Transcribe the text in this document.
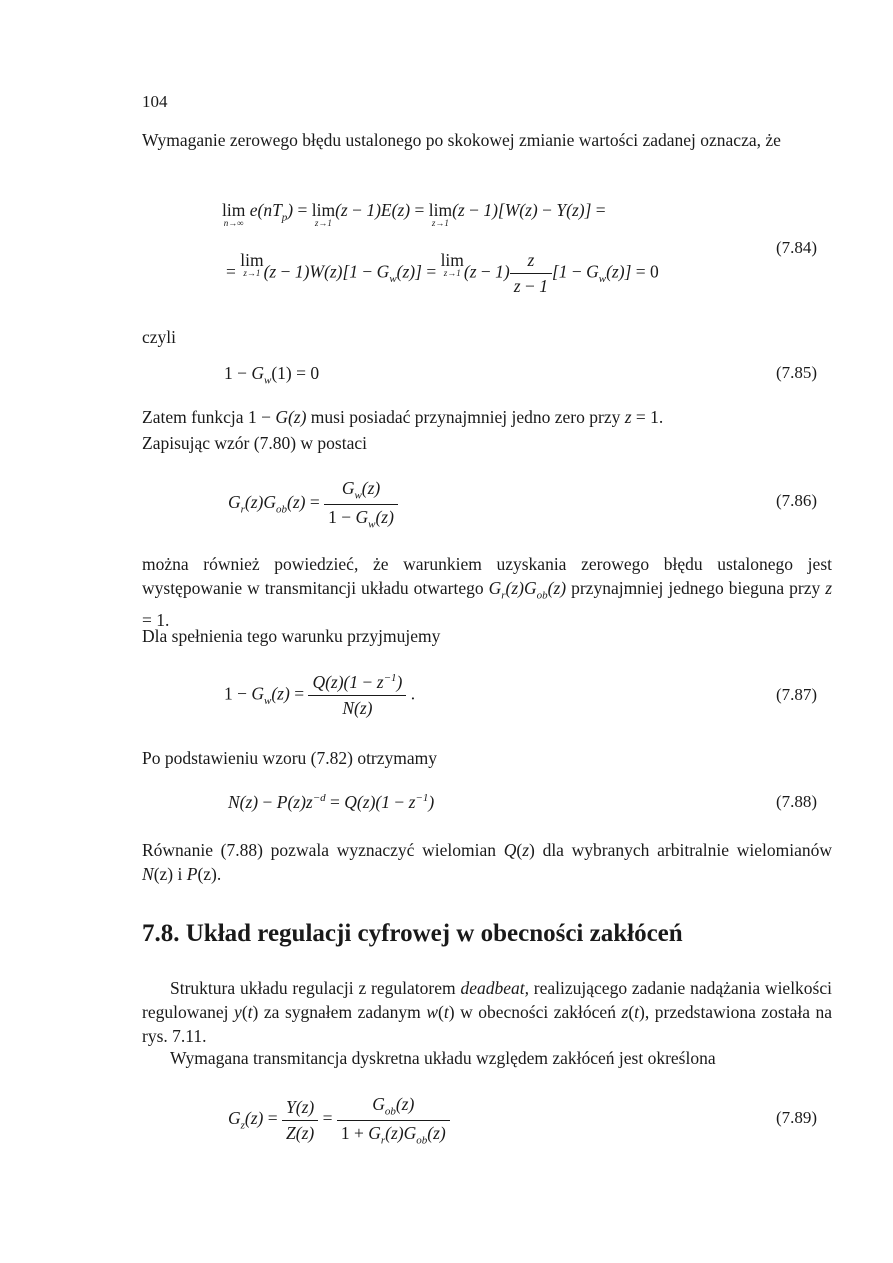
104
Wymaganie zerowego błędu ustalonego po skokowej zmianie wartości zadanej oznacza, że
lim
n→∞
$e(nT_p) = \lim$
z→1
(z − 1)E(z) = lim
z→1
(z − 1)[W(z) − Y(z)] =
= lim
z→1 $(z - 1)W(z)[1 - G_w(z)] = \lim$
z→1 $(z - 1) \frac{z}{z - 1} [1 - G_w(z)] = 0$
(7.84)
czyli
$1 - G_w(1) = 0$	(7.85)
Zatem funkcja 1 − G(z) musi posiadać przynajmniej jedno zero przy z = 1.
Zapisując wzór (7.80) w postaci
$G_r(z)G_{ob}(z) = \frac{G_w(z)}{1 - G_w(z)}$	(7.86)
można również powiedzieć, że warunkiem uzyskania zerowego błędu ustalonego jest występowanie w transmitancji układu otwartego $G_r(z)G_{ob}(z)$ przynajmniej jednego bieguna przy z = 1.
Dla spełnienia tego warunku przyjmujemy
$1 - G_w(z) = \frac{Q(z)(1 - z^{-1})}{N(z)}$ .	(7.87)
Po podstawieniu wzoru (7.82) otrzymamy
$N(z) - P(z)z^{-d} = Q(z)(1 - z^{-1})$	(7.88)
Równanie (7.88) pozwala wyznaczyć wielomian Q(z) dla wybranych arbitralnie wielomianów N(z) i P(z).
7.8. Układ regulacji cyfrowej w obecności zakłóceń
Struktura układu regulacji z regulatorem deadbeat, realizującego zadanie nadążania wielkości regulowanej y(t) za sygnałem zadanym w(t) w obecności zakłóceń z(t), przedstawiona została na rys. 7.11.
Wymagana transmitancja dyskretna układu względem zakłóceń jest określona
$G_z(z) = \frac{Y(z)}{Z(z)} = \frac{G_{ob}(z)}{1 + G_r(z)G_{ob}(z)}$	(7.89)
